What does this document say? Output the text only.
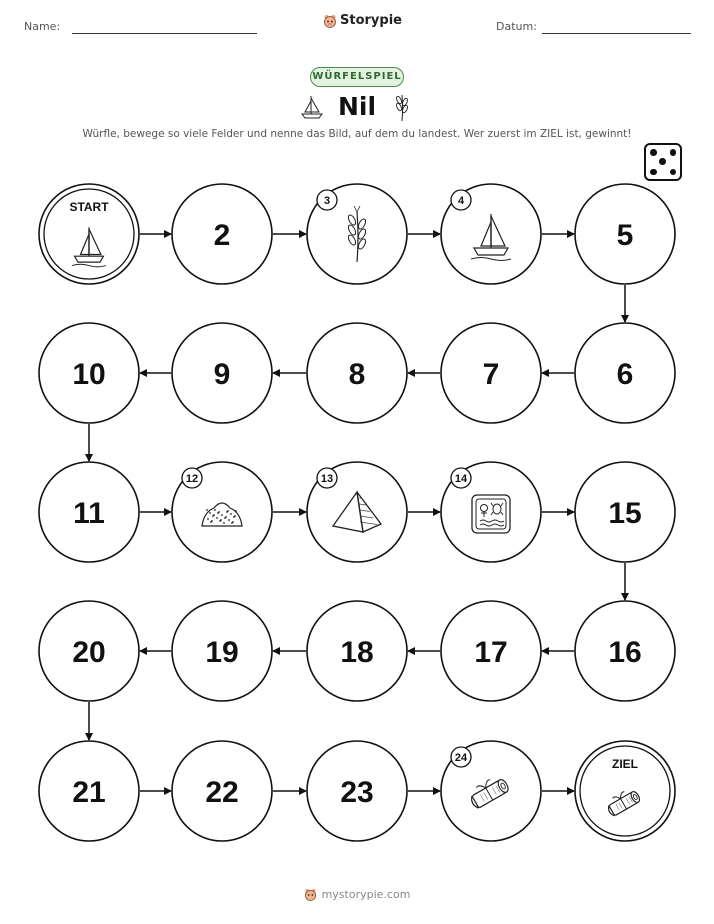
Name:	Datum:
Storypie
WÜRFELSPIEL
Nil
Würfle, bewege so viele Felder und nenne das Bild, auf dem du landest. Wer zuerst im ZIEL ist, gewinnt!
START
2
3	4
5
6
7
8
9
10
11
12	13	14
15
16
17
18
19
20
21	22	23
24	ZIEL
mystorypie.com
